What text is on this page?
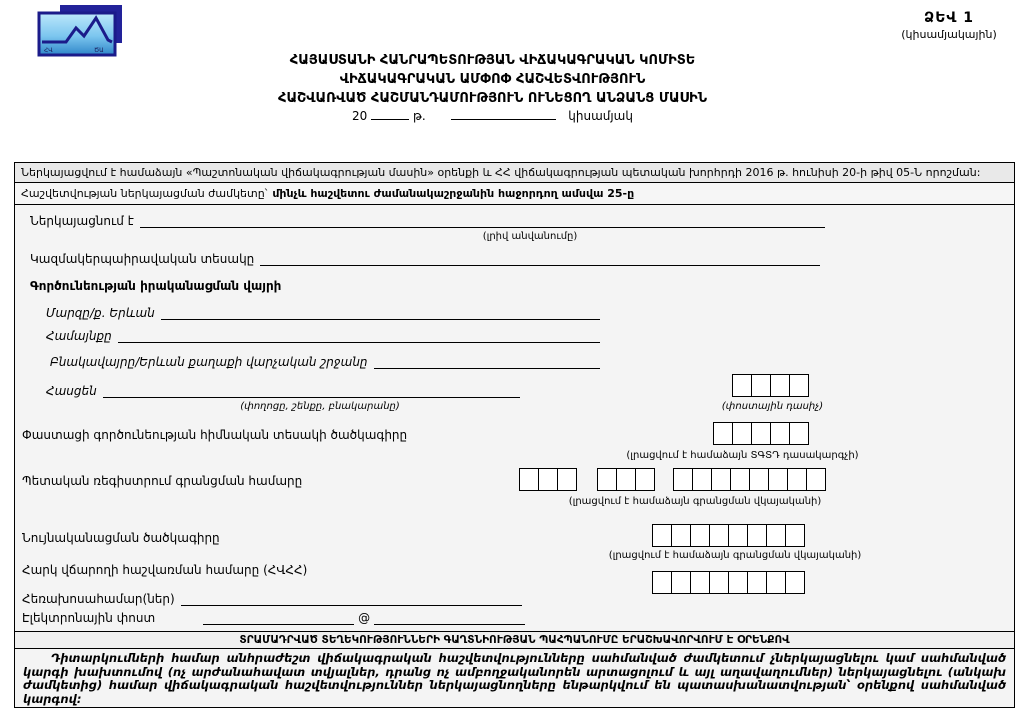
ՀՎ	ԾԱ
ՁԵՎ 1
(կիսամյակային)
ՀԱՅԱՍՏԱՆԻ ՀԱՆՐԱՊԵՏՈՒԹՅԱՆ ՎԻՃԱԿԱԳՐԱԿԱՆ ԿՈՄԻՏԵ
ՎԻՃԱԿԱԳՐԱԿԱՆ ԱՄՓՈՓ ՀԱՇՎԵՏՎՈՒԹՅՈՒՆ
ՀԱՇՎԱՌՎԱԾ ՀԱՇՄԱՆԴԱՄՈՒԹՅՈՒՆ ՈՒՆԵՑՈՂ ԱՆՁԱՆՑ ՄԱՍԻՆ
20	թ.	կիսամյակ
Ներկայացվում է համաձայն «Պաշտոնական վիճակագրության մասին» օրենքի և ՀՀ վիճակագրության պետական խորհրդի 2016 թ. հունիսի 20-ի թիվ 05-Ն որոշման:
Հաշվետվության ներկայացման ժամկետը՝ մինչև հաշվետու ժամանակաշրջանին հաջորդող ամսվա 25-ը
Ներկայացնում է
(լրիվ անվանումը)
Կազմակերպաիրավական տեսակը
Գործունեության իրականացման վայրի
Մարզը/ք. Երևան
Համայնքը
Բնակավայրը/Երևան քաղաքի վարչական շրջանը
Հասցեն
(փողոցը, շենքը, բնակարանը)	(փոստային դասիչ)
Փաստացի գործունեության հիմնական տեսակի ծածկագիրը
(լրացվում է համաձայն ՏԳՏԴ դասակարգչի)
Պետական ռեգիստրում գրանցման համարը
(լրացվում է համաձայն գրանցման վկայականի)
Նույնականացման ծածկագիրը
(լրացվում է համաձայն գրանցման վկայականի)
Հարկ վճարողի հաշվառման համարը (ՀՎՀՀ)
Հեռախոսահամար(ներ)
Էլեկտրոնային փոստ	@
ՏՐԱՄԱԴՐՎԱԾ ՏԵՂԵԿՈՒԹՅՈՒՆՆԵՐԻ ԳԱՂՏՆԻՈՒԹՅԱՆ ՊԱՀՊԱՆՈՒՄԸ ԵՐԱՇԽԱՎՈՐՎՈՒՄ Է ՕՐԵՆՔՈՎ

Դիտարկումների համար անհրաժեշտ վիճակագրական հաշվետվությունները սահմանված ժամկետում չներկայացնելու կամ սահմանված կարգի խախտումով (ոչ արժանահավատ տվյալներ, դրանց ոչ ամբողջականորեն արտացոլում և այլ աղավաղումներ) ներկայացնելու (անկախ ժամկետից) համար վիճակագրական հաշվետվություններ ներկայացնողները ենթարկվում են պատասխանատվության՝ օրենքով սահմանված կարգով:
